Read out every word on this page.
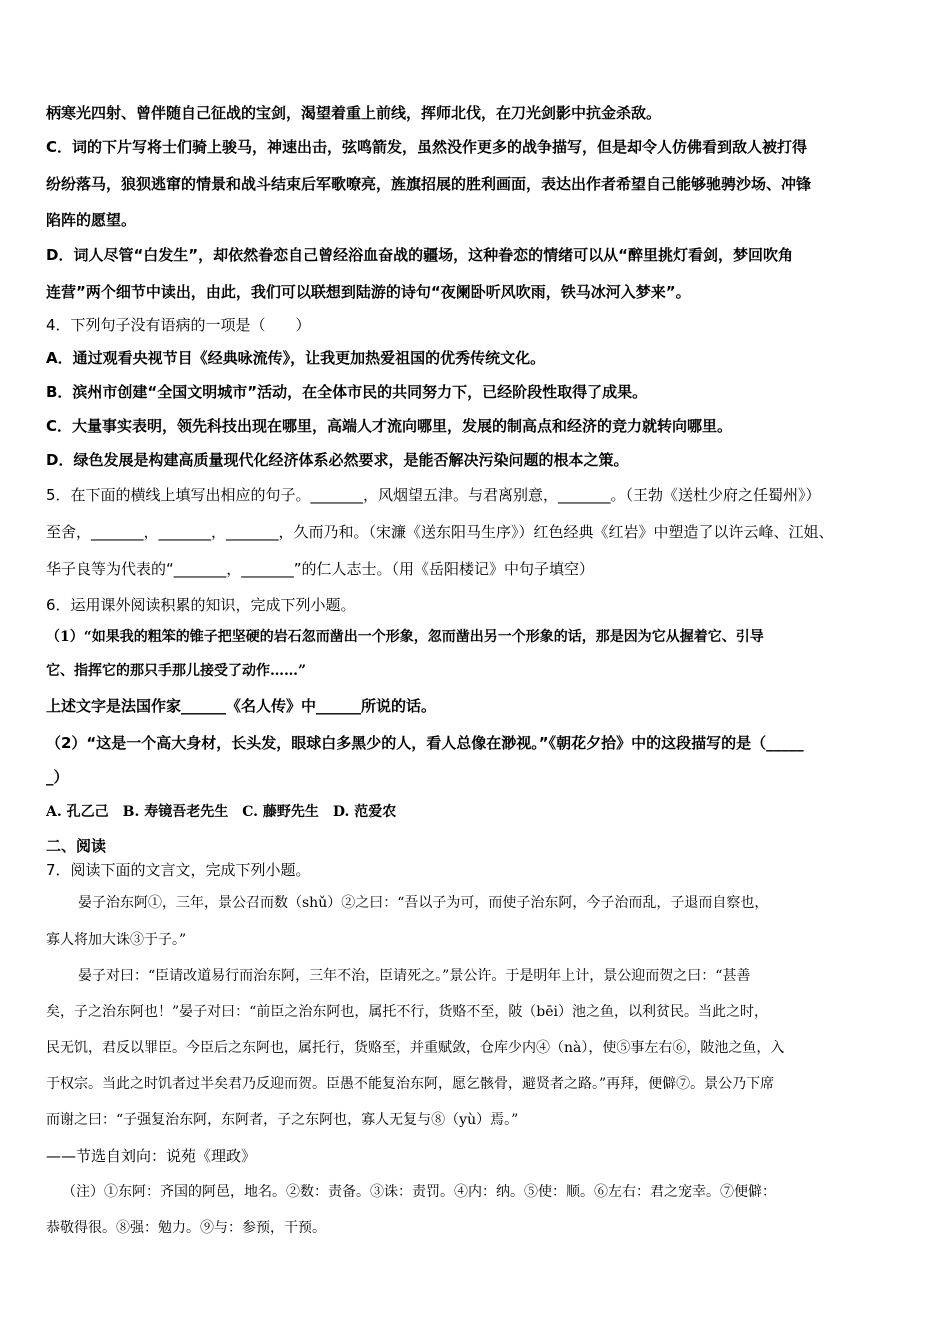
柄寒光四射、曾伴随自己征战的宝剑，渴望着重上前线，挥师北伐，在刀光剑影中抗金杀敌。
C．词的下片写将士们骑上骏马，神速出击，弦鸣箭发，虽然没作更多的战争描写，但是却令人仿佛看到敌人被打得
纷纷落马，狼狈逃窜的情景和战斗结束后军歌嘹亮，旌旗招展的胜利画面，表达出作者希望自己能够驰骋沙场、冲锋
陷阵的愿望。
D．词人尽管“白发生”，却依然眷恋自己曾经浴血奋战的疆场，这种眷恋的情绪可以从“醉里挑灯看剑，梦回吹角
连营”两个细节中读出，由此，我们可以联想到陆游的诗句“夜阑卧听风吹雨，铁马冰河入梦来”。
4．下列句子没有语病的一项是（　　）
A．通过观看央视节目《经典咏流传》，让我更加热爱祖国的优秀传统文化。
B．滨州市创建“全国文明城市”活动，在全体市民的共同努力下，已经阶段性取得了成果。
C．大量事实表明，领先科技出现在哪里，高端人才流向哪里，发展的制高点和经济的竞力就转向哪里。
D．绿色发展是构建高质量现代化经济体系必然要求，是能否解决污染问题的根本之策。
5．在下面的横线上填写出相应的句子。_______，风烟望五津。与君离别意，_______。（王勃《送杜少府之任蜀州》）
至舍，_______，_______，_______，久而乃和。（宋濂《送东阳马生序》）红色经典《红岩》中塑造了以许云峰、江姐、
华子良等为代表的“_______，_______”的仁人志士。（用《岳阳楼记》中句子填空）
6．运用课外阅读积累的知识，完成下列小题。
（1）“如果我的粗笨的锥子把坚硬的岩石忽而凿出一个形象，忽而凿出另一个形象的话，那是因为它从握着它、引导
它、指挥它的那只手那儿接受了动作……”
上述文字是法国作家______《名人传》中______所说的话。
（2）“这是一个高大身材，长头发，眼球白多黑少的人，看人总像在渺视。”《朝花夕拾》中的这段描写的是（_____
_）
A. 孔乙己　B. 寿镜吾老先生　C. 藤野先生　D. 范爱农
二、阅读
7．阅读下面的文言文，完成下列小题。
晏子治东阿①，三年，景公召而数（shǔ）②之曰：“吾以子为可，而使子治东阿，今子治而乱，子退而自察也，
寡人将加大诛③于子。”
晏子对曰：“臣请改道易行而治东阿，三年不治，臣请死之。”景公许。于是明年上计，景公迎而贺之曰：“甚善
矣，子之治东阿也！”晏子对曰：“前臣之治东阿也，属托不行，货赂不至，陂（bēi）池之鱼，以利贫民。当此之时，
民无饥，君反以罪臣。今臣后之东阿也，属托行，货赂至，并重赋敛，仓库少内④（nà），使⑤事左右⑥，陂池之鱼，入
于权宗。当此之时饥者过半矣君乃反迎而贺。臣愚不能复治东阿，愿乞骸骨，避贤者之路。”再拜，便僻⑦。景公乃下席
而谢之曰：“子强复治东阿，东阿者，子之东阿也，寡人无复与⑧（yù）焉。”
——节选自刘向：说苑《理政》
（注）①东阿：齐国的阿邑，地名。②数：责备。③诛：责罚。④内：纳。⑤使：顺。⑥左右：君之宠幸。⑦便僻：
恭敬得很。⑧强：勉力。⑨与：参预，干预。
